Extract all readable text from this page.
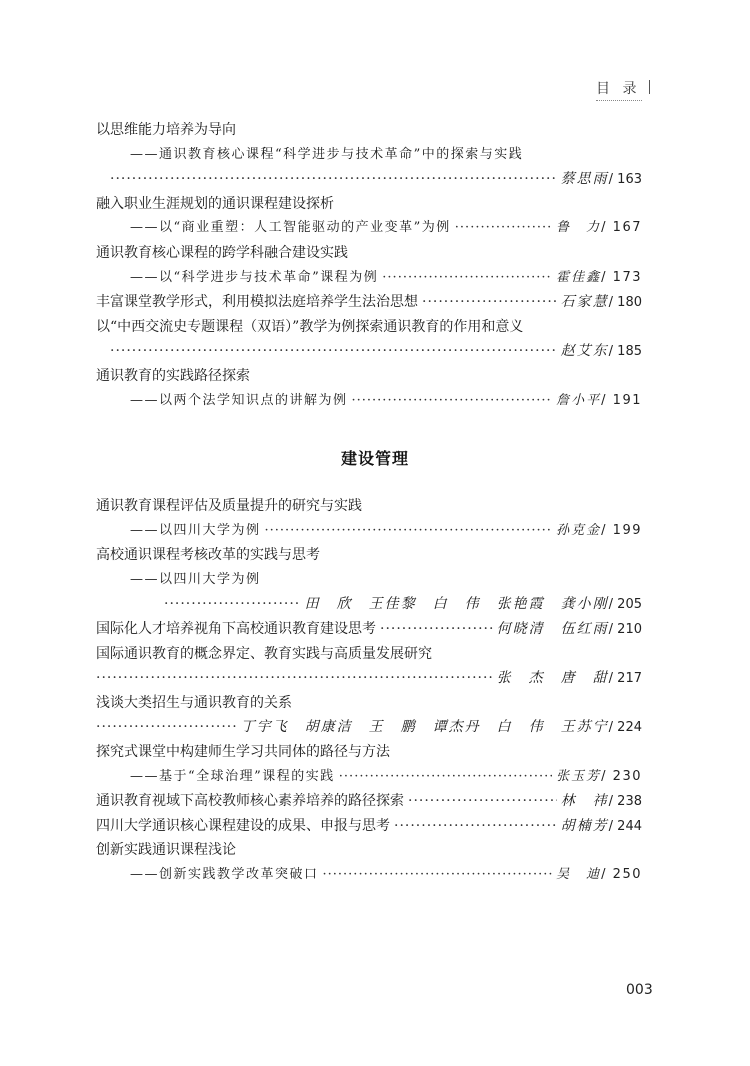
目 录
以思维能力培养为导向
——通识教育核心课程“科学进步与技术革命”中的探索与实践
·····
蔡思雨 / 163
融入职业生涯规划的通识课程建设探析
——以“商业重塑：人工智能驱动的产业变革”为例 ·····	鲁　力 / 167
通识教育核心课程的跨学科融合建设实践
——以“科学进步与技术革命”课程为例 ·····	霍佳鑫 / 173
丰富课堂教学形式，利用模拟法庭培养学生法治思想 ·····	石家慧 / 180
以“中西交流史专题课程（双语）”教学为例探索通识教育的作用和意义
·····
赵艾东 / 185
通识教育的实践路径探索
——以两个法学知识点的讲解为例 ·····	詹小平 / 191
建设管理
通识教育课程评估及质量提升的研究与实践
——以四川大学为例 ·····	孙克金 / 199
高校通识课程考核改革的实践与思考
——以四川大学为例
·····
田　欣　王佳黎　白　伟　张艳霞　龚小刚 / 205
国际化人才培养视角下高校通识教育建设思考 ·····	何晓清　伍红雨 / 210
国际通识教育的概念界定、教育实践与高质量发展研究
·····
张　杰　唐　甜 / 217
浅谈大类招生与通识教育的关系
·····
丁宇飞　胡康洁　王　鹏　谭杰丹　白　伟　王苏宁 / 224
探究式课堂中构建师生学习共同体的路径与方法
——基于“全球治理”课程的实践 ·····	张玉芳 / 230
通识教育视域下高校教师核心素养培养的路径探索 ·····	林　祎 / 238
四川大学通识核心课程建设的成果、申报与思考 ·····	胡楠芳 / 244
创新实践通识课程浅论
——创新实践教学改革突破口 ·····	吴　迪 / 250
003
